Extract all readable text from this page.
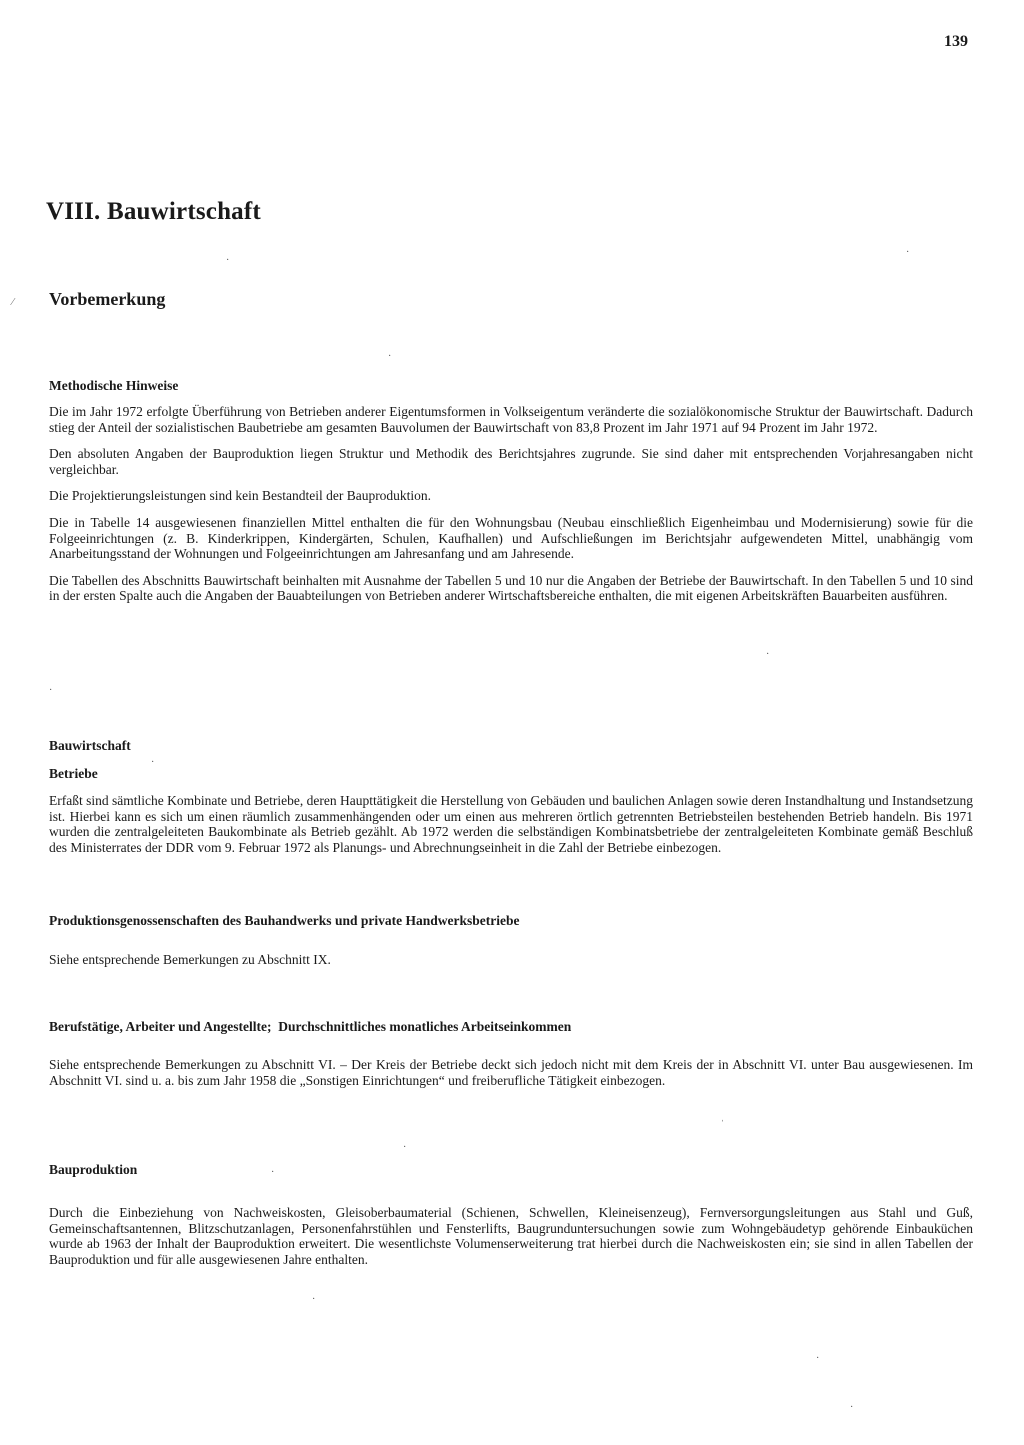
139
VIII. Bauwirtschaft
Vorbemerkung
Methodische Hinweise

Die im Jahr 1972 erfolgte Überführung von Betrieben anderer Eigentumsformen in Volkseigentum veränderte die sozialökonomische Struktur der Bauwirtschaft. Dadurch stieg der Anteil der sozialistischen Baubetriebe am gesamten Bauvolumen der Bauwirtschaft von 83,8 Prozent im Jahr 1971 auf 94 Prozent im Jahr 1972.

Den absoluten Angaben der Bauproduktion liegen Struktur und Methodik des Berichtsjahres zugrunde. Sie sind daher mit entsprechenden Vorjahresangaben nicht vergleichbar.

Die Projektierungsleistungen sind kein Bestandteil der Bauproduktion.

Die in Tabelle 14 ausgewiesenen finanziellen Mittel enthalten die für den Wohnungsbau (Neubau einschließlich Eigenheimbau und Modernisierung) sowie für die Folgeeinrichtungen (z. B. Kinderkrippen, Kindergärten, Schulen, Kaufhallen) und Aufschließungen im Berichtsjahr aufgewendeten Mittel, unabhängig vom Anarbeitungsstand der Wohnungen und Folgeeinrichtungen am Jahresanfang und am Jahresende.

Die Tabellen des Abschnitts Bauwirtschaft beinhalten mit Ausnahme der Tabellen 5 und 10 nur die Angaben der Betriebe der Bauwirtschaft. In den Tabellen 5 und 10 sind in der ersten Spalte auch die Angaben der Bauabteilungen von Betrieben anderer Wirtschaftsbereiche enthalten, die mit eigenen Arbeitskräften Bauarbeiten ausführen.

Bauwirtschaft
Betriebe

Erfaßt sind sämtliche Kombinate und Betriebe, deren Haupttätigkeit die Herstellung von Gebäuden und baulichen Anlagen sowie deren Instandhaltung und Instandsetzung ist. Hierbei kann es sich um einen räumlich zusammenhängenden oder um einen aus mehreren örtlich getrennten Betriebsteilen bestehenden Betrieb handeln. Bis 1971 wurden die zentralgeleiteten Baukombinate als Betrieb gezählt. Ab 1972 werden die selbständigen Kombinatsbetriebe der zentralgeleiteten Kombinate gemäß Beschluß des Ministerrates der DDR vom 9. Februar 1972 als Planungs- und Abrechnungseinheit in die Zahl der Betriebe einbezogen.

Produktionsgenossenschaften des Bauhandwerks und private Handwerksbetriebe

Siehe entsprechende Bemerkungen zu Abschnitt IX.

Berufstätige, Arbeiter und Angestellte;  Durchschnittliches monatliches Arbeitseinkommen

Siehe entsprechende Bemerkungen zu Abschnitt VI. – Der Kreis der Betriebe deckt sich jedoch nicht mit dem Kreis der in Abschnitt VI. unter Bau ausgewiesenen. Im Abschnitt VI. sind u. a. bis zum Jahr 1958 die „Sonstigen Einrichtungen“ und freiberufliche Tätigkeit einbezogen.

Bauproduktion

Durch die Einbeziehung von Nachweiskosten, Gleisoberbaumaterial (Schienen, Schwellen, Kleineisenzeug), Fernversorgungsleitungen aus Stahl und Guß, Gemeinschaftsantennen, Blitzschutzanlagen, Personenfahrstühlen und Fensterlifts, Baugrunduntersuchungen sowie zum Wohngebäudetyp gehörende Einbauküchen wurde ab 1963 der Inhalt der Bauproduktion erweitert. Die wesentlichste Volumenserweiterung trat hierbei durch die Nachweiskosten ein; sie sind in allen Tabellen der Bauproduktion und für alle ausgewiesenen Jahre enthalten.

⁄
·
·
·
·
·
·
·
ˈ
·
·
·
·
